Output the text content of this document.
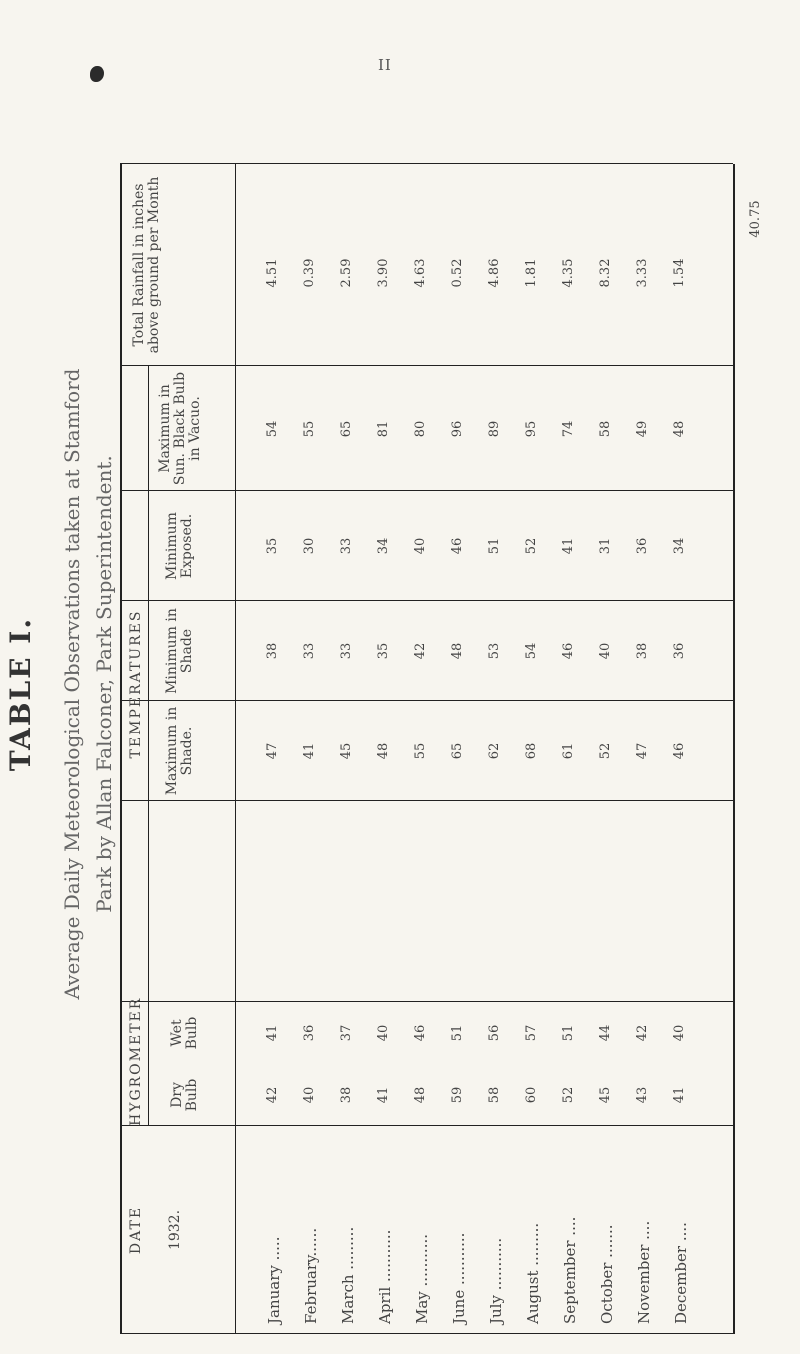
II
TABLE I. Average Daily Meteorological Observations taken at Stamford Park by Allan Falconer, Park Superintendent.
DATE 1932.
HYGROMETER
TEMPERATURES
Dry Bulb
Wet Bulb
Maximum in Shade.
Minimum in Shade
Minimum Exposed.
Maximum in Sun. Black Bulb in Vacuo.
Total Rainfall in inches above ground per Month
January .....
42
41
47
38
35
54
4.51
February......
40
36
41
33
30
55
0.39
March .........
38
37
45
33
33
65
2.59
April ...........
41
40
48
35
34
81
3.90
May ...........
48
46
55
42
40
80
4.63
June ...........
59
51
65
48
46
96
0.52
July ...........
58
56
62
53
51
89
4.86
August .........
60
57
68
54
52
95
1.81
September ....
52
51
61
46
41
74
4.35
October .......
45
44
52
40
31
58
8.32
November ....
43
42
47
38
36
49
3.33
December ....
41
40
46
36
34
48
1.54
40.75
